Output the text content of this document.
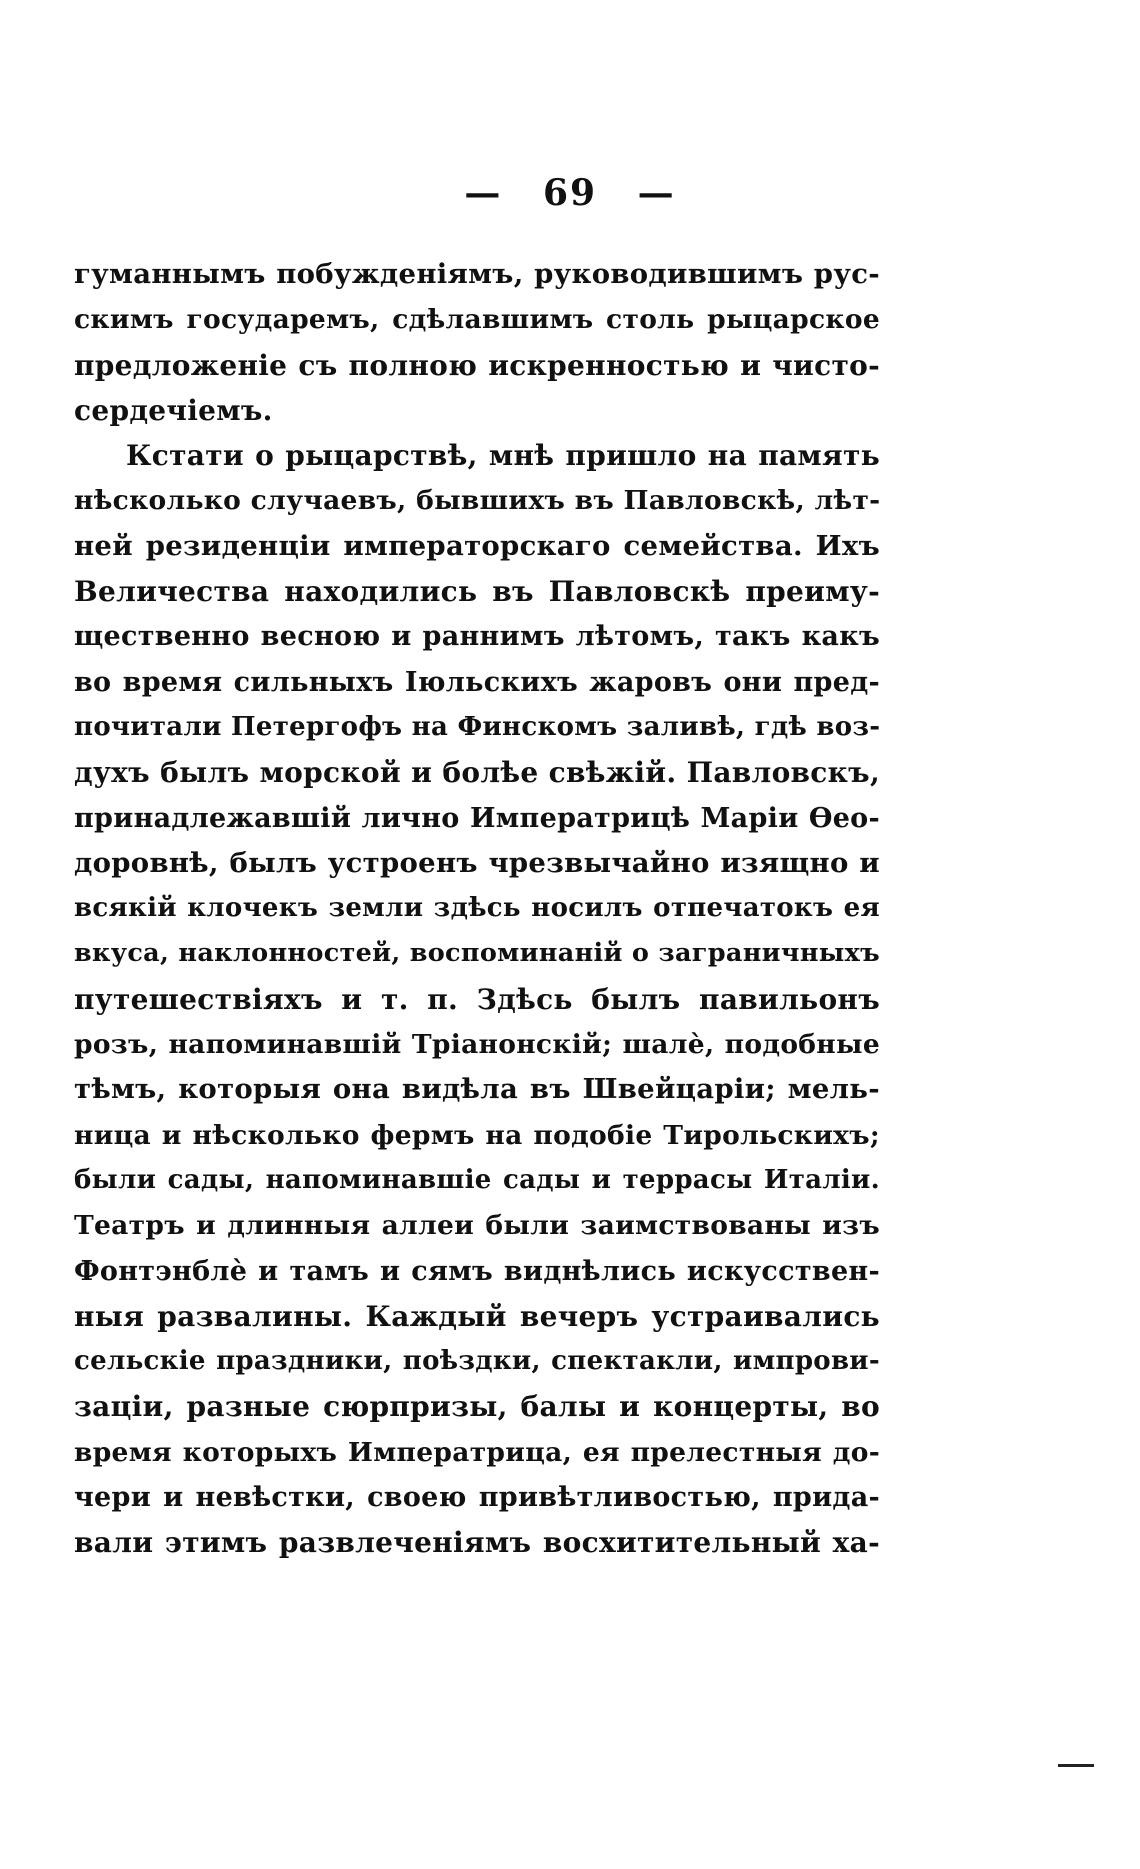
— 69 —
гуманнымъ побужденіямъ, руководившимъ рус-
скимъ государемъ, сдѣлавшимъ столь рыцарское
предложеніе съ полною искренностью и чисто-
сердечіемъ.
Кстати о рыцарствѣ, мнѣ пришло на память
нѣсколько случаевъ, бывшихъ въ Павловскѣ, лѣт-
ней резиденціи императорскаго семейства. Ихъ
Величества находились въ Павловскѣ преиму-
щественно весною и раннимъ лѣтомъ, такъ какъ
во время сильныхъ Іюльскихъ жаровъ они пред-
почитали Петергофъ на Финскомъ заливѣ, гдѣ воз-
духъ былъ морской и болѣе свѣжій. Павловскъ,
принадлежавшій лично Императрицѣ Маріи Ѳео-
доровнѣ, былъ устроенъ чрезвычайно изящно и
всякій клочекъ земли здѣсь носилъ отпечатокъ ея
вкуса, наклонностей, воспоминаній о заграничныхъ
путешествіяхъ и т. п. Здѣсь былъ павильонъ
розъ, напоминавшій Тріанонскій; шалѐ, подобные
тѣмъ, которыя она видѣла въ Швейцаріи; мель-
ница и нѣсколько фермъ на подобіе Тирольскихъ;
были сады, напоминавшіе сады и террасы Италіи.
Театръ и длинныя аллеи были заимствованы изъ
Фонтэнблѐ и тамъ и сямъ виднѣлись искусствен-
ныя развалины. Каждый вечеръ устраивались
сельскіе праздники, поѣздки, спектакли, импрови-
заціи, разные сюрпризы, балы и концерты, во
время которыхъ Императрица, ея прелестныя до-
чери и невѣстки, своею привѣтливостью, прида-
вали этимъ развлеченіямъ восхитительный ха-
